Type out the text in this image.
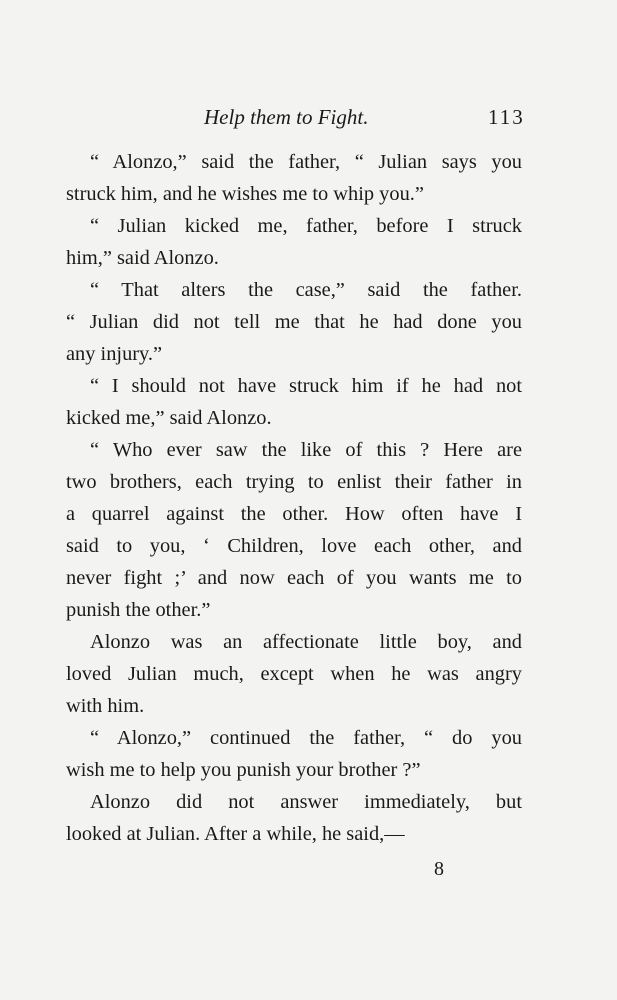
Help them to Fight.	113
“ Alonzo,” said the father, “ Julian says you
struck him, and he wishes me to whip you.”
“ Julian kicked me, father, before I struck
him,” said Alonzo.
“ That alters the case,” said the father.
“ Julian did not tell me that he had done you
any injury.”
“ I should not have struck him if he had not
kicked me,” said Alonzo.
“ Who ever saw the like of this ? Here are
two brothers, each trying to enlist their father in
a quarrel against the other. How often have I
said to you, ‘ Children, love each other, and
never fight ;’ and now each of you wants me to
punish the other.”
Alonzo was an affectionate little boy, and
loved Julian much, except when he was angry
with him.
“ Alonzo,” continued the father, “ do you
wish me to help you punish your brother ?”
Alonzo did not answer immediately, but
looked at Julian. After a while, he said,—
8
